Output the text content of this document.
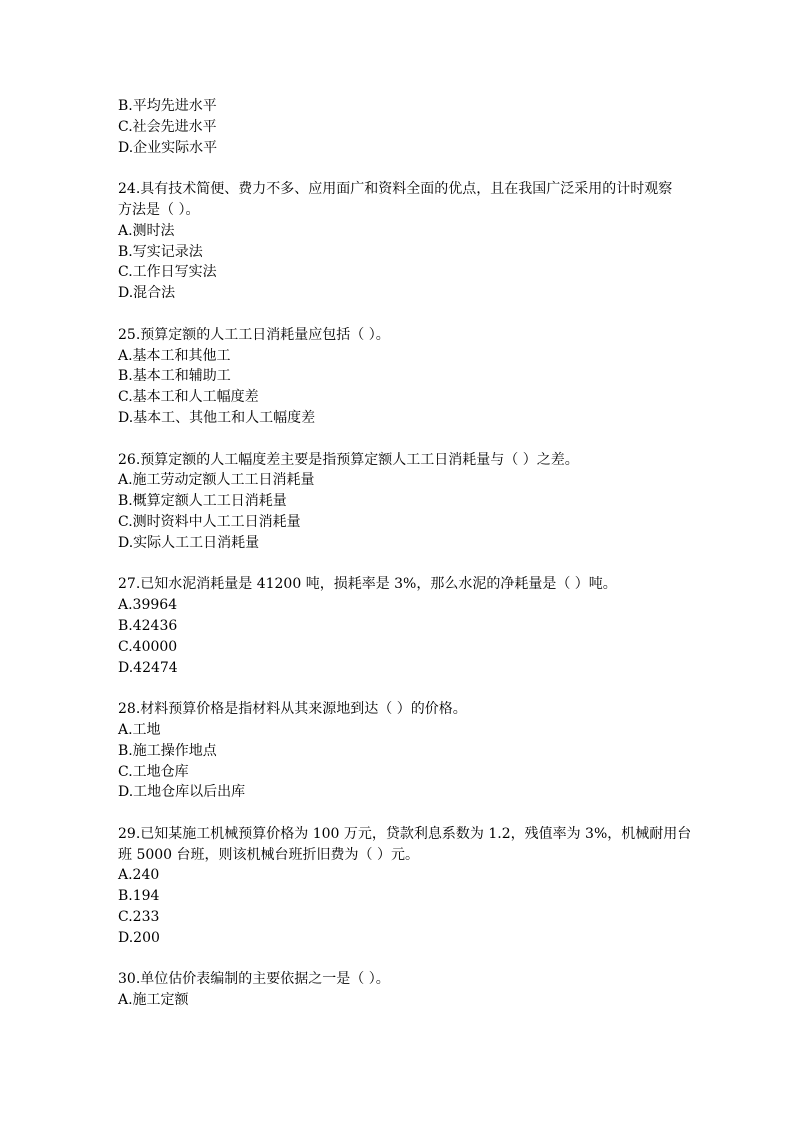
B.平均先进水平
C.社会先进水平
D.企业实际水平
24.具有技术简便、费力不多、应用面广和资料全面的优点，且在我国广泛采用的计时观察
方法是（ ）。
A.测时法
B.写实记录法
C.工作日写实法
D.混合法
25.预算定额的人工工日消耗量应包括（ ）。
A.基本工和其他工
B.基本工和辅助工
C.基本工和人工幅度差
D.基本工、其他工和人工幅度差
26.预算定额的人工幅度差主要是指预算定额人工工日消耗量与（ ）之差。
A.施工劳动定额人工工日消耗量
B.概算定额人工工日消耗量
C.测时资料中人工工日消耗量
D.实际人工工日消耗量
27.已知水泥消耗量是 41200 吨，损耗率是 3%，那么水泥的净耗量是（ ）吨。
A.39964
B.42436
C.40000
D.42474
28.材料预算价格是指材料从其来源地到达（ ）的价格。
A.工地
B.施工操作地点
C.工地仓库
D.工地仓库以后出库
29.已知某施工机械预算价格为 100 万元，贷款利息系数为 1.2，残值率为 3%，机械耐用台
班 5000 台班，则该机械台班折旧费为（ ）元。
A.240
B.194
C.233
D.200
30.单位估价表编制的主要依据之一是（ ）。
A.施工定额
